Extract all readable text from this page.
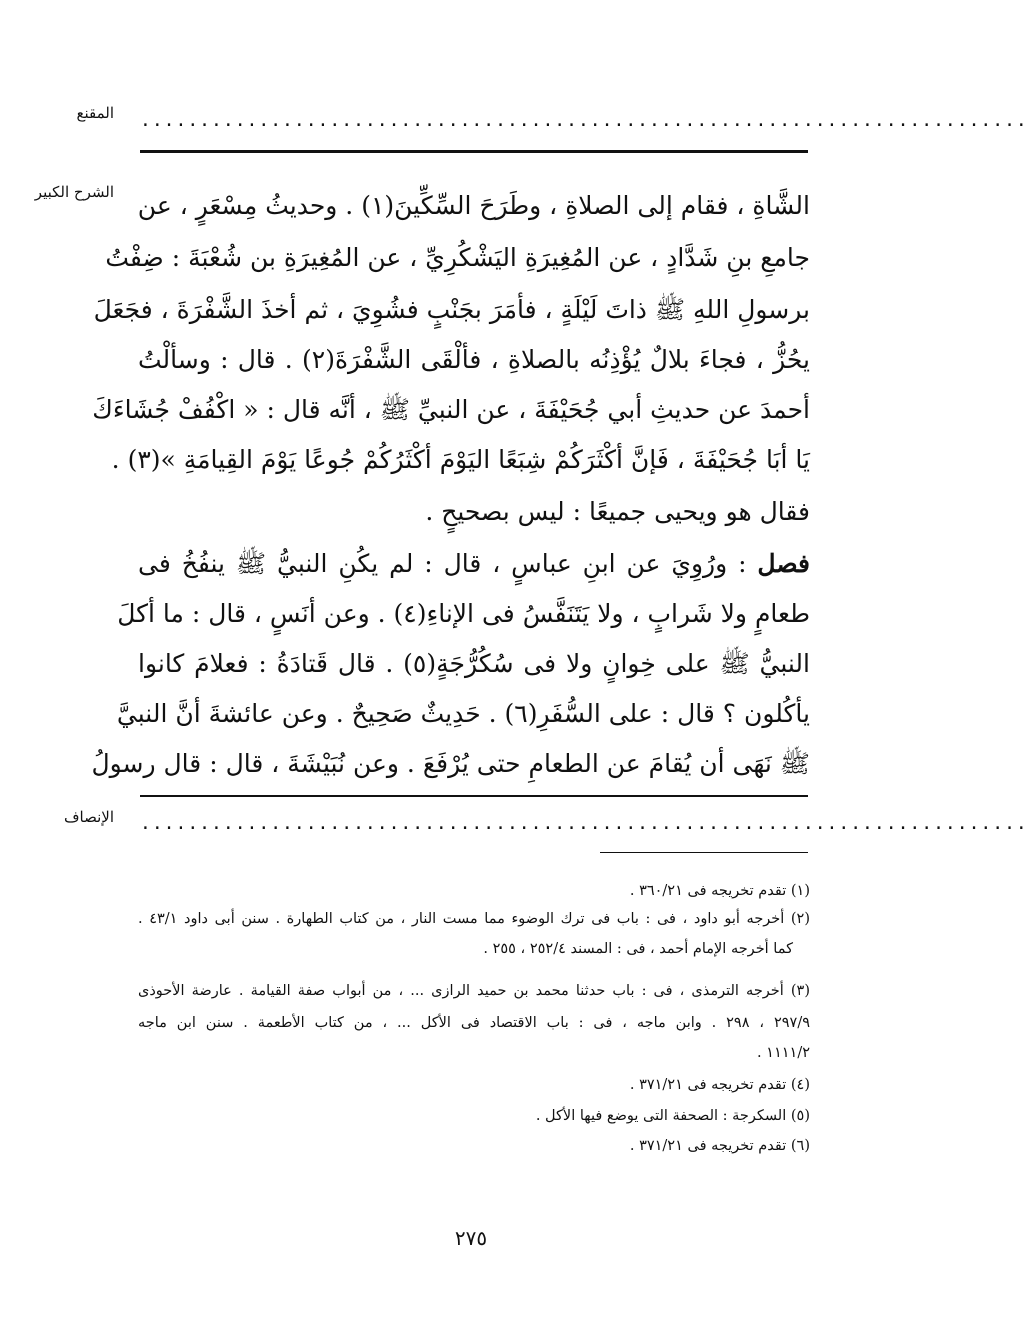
المقنع ...........................................................................
الشرح الكبير الشَّاةِ ، فقام إلى الصلاةِ ، وطَرَحَ السِّكِّينَ(١) . وحديثُ مِسْعَرٍ ، عن
جامعِ بنِ شَدَّادٍ ، عن المُغِيرَةِ اليَشْكُرِيِّ ، عن المُغِيرَةِ بن شُعْبَةَ : ضِفْتُ
برسولِ اللهِ ﷺ ذاتَ لَيْلَةٍ ، فأمَرَ بجَنْبٍ فشُوِيَ ، ثم أخذَ الشَّفْرَةَ ، فجَعَلَ
يحُزُّ ، فجاءَ بلالٌ يُؤْذِنُه بالصلاةِ ، فألْقَى الشَّفْرَةَ(٢) . قال : وسألْتُ
أحمدَ عن حديثِ أبي جُحَيْفَةَ ، عن النبيِّ ﷺ ، أنَّه قال : « اكْفُفْ جُشَاءَكَ
يَا أبَا جُحَيْفَةَ ، فَإنَّ أكْثَرَكُمْ شِبَعًا اليَوْمَ أكْثَرُكُمْ جُوعًا يَوْمَ القِيامَةِ »(٣) .
فقال هو ويحيى جميعًا : ليس بصحيحٍ .
فصل : ورُوِيَ عن ابنِ عباسٍ ، قال : لم يكُنِ النبيُّ ﷺ ينفُخُ فى
طعامٍ ولا شَرابٍ ، ولا يَتَنَفَّسُ فى الإناءِ(٤) . وعن أنَسٍ ، قال : ما أكلَ
النبيُّ ﷺ على خِوانٍ ولا فى سُكُرُّجَةٍ(٥) . قال قَتادَةُ : فعلامَ كانوا
يأكُلون ؟ قال : على السُّفَرِ(٦) . حَدِيثٌ صَحِيحٌ . وعن عائشةَ أنَّ النبيَّ
ﷺ نَهَى أن يُقامَ عن الطعامِ حتى يُرْفَعَ . وعن نُبَيْشَةَ ، قال : قال رسولُ
الإنصاف ...........................................................................
(١) تقدم تخريجه فى ٣٦٠/٢١ .
(٢) أخرجه أبو داود ، فى : باب فى ترك الوضوء مما مست النار ، من كتاب الطهارة . سنن أبى داود ٤٣/١ .
كما أخرجه الإمام أحمد ، فى : المسند ٢٥٢/٤ ، ٢٥٥ .
(٣) أخرجه الترمذى ، فى : باب حدثنا محمد بن حميد الرازى ... ، من أبواب صفة القيامة . عارضة الأحوذى
٢٩٧/٩ ، ٢٩٨ . وابن ماجه ، فى : باب الاقتصاد فى الأكل ... ، من كتاب الأطعمة . سنن ابن ماجه
١١١١/٢ .
(٤) تقدم تخريجه فى ٣٧١/٢١ .
(٥) السكرجة : الصحفة التى يوضع فيها الأكل .
(٦) تقدم تخريجه فى ٣٧١/٢١ .
٢٧٥
